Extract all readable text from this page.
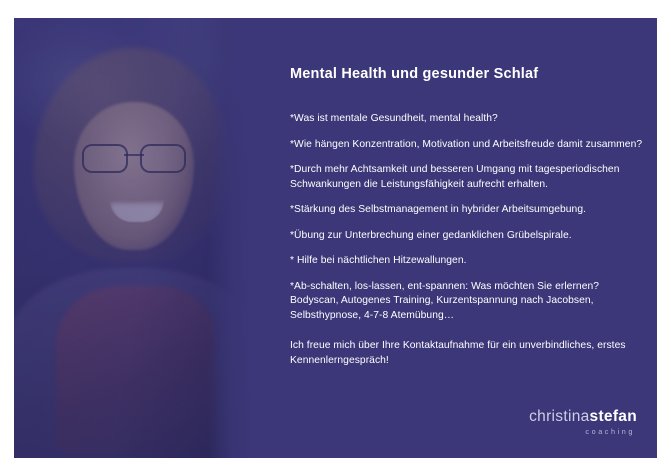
Mental Health und gesunder Schlaf
*Was ist mentale Gesundheit, mental health?
*Wie hängen Konzentration, Motivation und Arbeitsfreude damit zusammen?
*Durch mehr Achtsamkeit und besseren Umgang mit tagesperiodischen Schwankungen die Leistungsfähigkeit aufrecht erhalten.
*Stärkung des Selbstmanagement in hybrider Arbeitsumgebung.
*Übung zur Unterbrechung einer gedanklichen Grübelspirale.
* Hilfe bei nächtlichen Hitzewallungen.
*Ab-schalten, los-lassen, ent-spannen: Was möchten Sie erlernen? Bodyscan, Autogenes Training, Kurzentspannung nach Jacobsen, Selbsthypnose, 4-7-8 Atemübung…
Ich freue mich über Ihre Kontaktaufnahme für ein unverbindliches, erstes Kennenlerngespräch!
christinastefan
coaching
